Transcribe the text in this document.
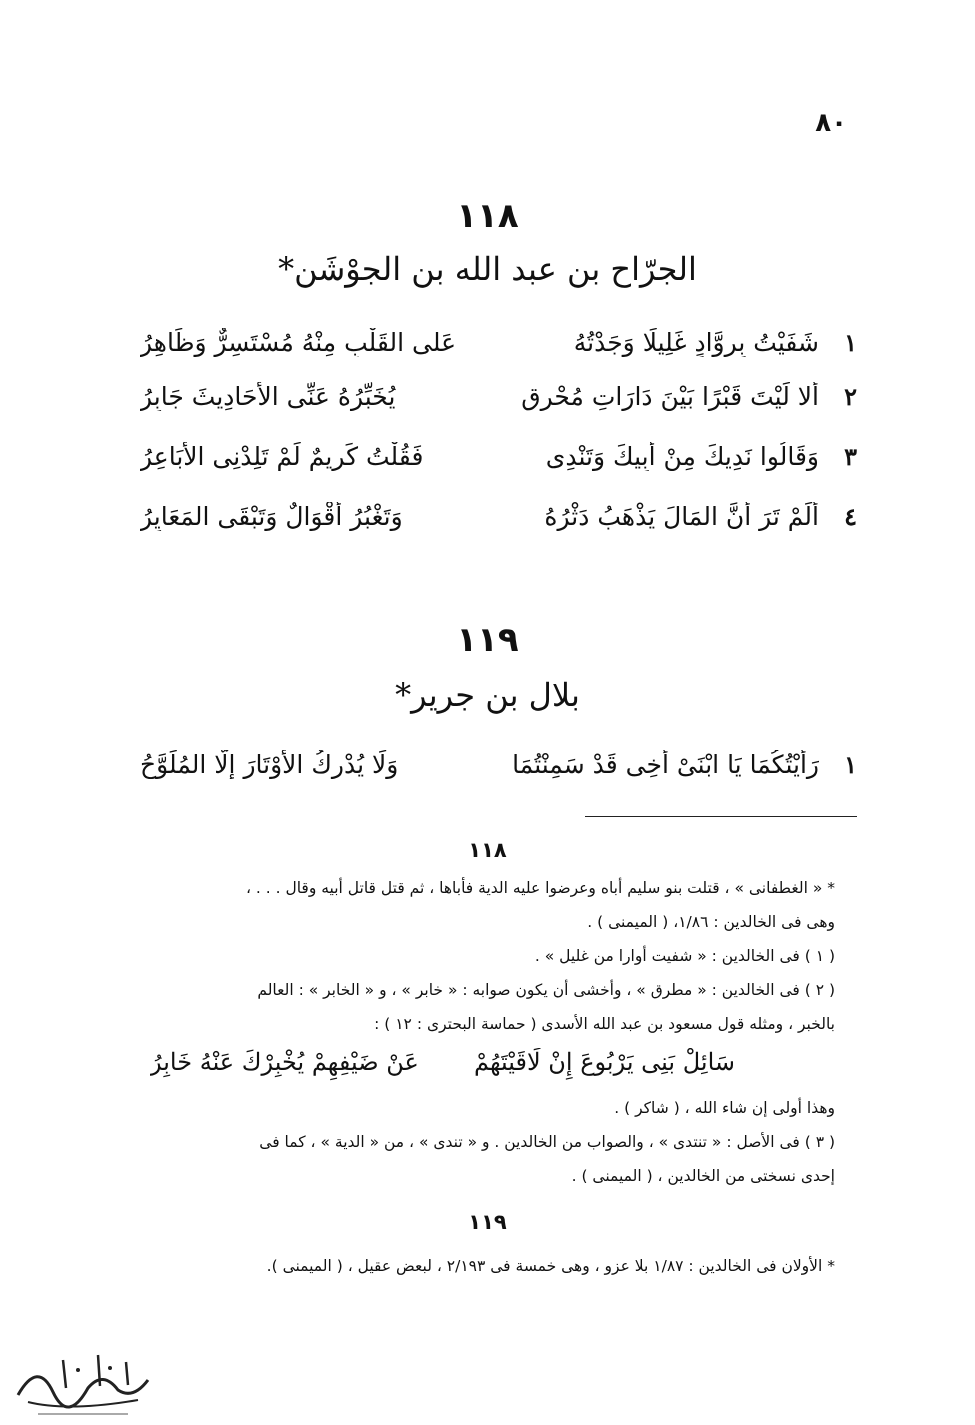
٨٠
١١٨
الجرّاح بن عبد الله بن الجوْشَن*
١
شَفَيْتُ بِرِوَّادٍ غَلِيلًا وَجَدْتُهُ
عَلى القَلْبِ مِنْهُ مُسْتَسِرٌّ وَظَاهِرُ
٢
ألا لَيْتَ قَبْرًا بَيْنَ دَارَاتِ مُحْرِقٍ
يُخَبِّرُهُ عَنِّى الأحَادِيثَ جَابِرُ
٣
وَقَالُوا نَدِيكَ مِنْ أَبِيكَ وَتَنْدِى
فَقُلْتُ كَرِيمٌ لَمْ تَلِدْنِى الأَبَاعِرُ
٤
أَلَمْ تَرَ أَنَّ المَالَ يَذْهَبُ دَثْرُهُ
وَتَغْبُرُ أَقْوَالٌ وَتَبْقَى المَعَايِرُ
١١٩
بلال بن جرير*
١
رَأَيْتُكُمَا يَا ابْنَىْ أَخِى قَدْ سَمِنْتُمَا
وَلَا يُدْرِكُ الأَوْتَارَ إِلَّا المُلَوَّحُ
١١٨
* « الغطفانى » ، قتلت بنو سليم أباه وعرضوا عليه الدية فأباها ، ثم قتل قاتل أبيه وقال . . . ،
وهى فى الخالدين : ١/٨٦، ( الميمنى ) .
( ١ ) فى الخالدين : « شفيت أوارا من غليل » .
( ٢ ) فى الخالدين : « مطرق » ، وأخشى أن يكون صوابه : « خابر » ، و « الخابر » : العالم
بالخبر ، ومثله قول مسعود بن عبد الله الأسدى ( حماسة البحترى : ١٢ ) :
سَائِلْ بَنِى يَرْبُوعَ إِنْ لَاقَيْتَهُمْ
عَنْ ضَيْفِهِمْ يُخْبِرْكَ عَنْهُ خَابِرُ
وهذا أولى إن شاء الله ، ( شاكر ) .
( ٣ ) فى الأصل : « تنتدى » ، والصواب من الخالدين . و « تندى » ، من « الدية » ، كما فى
إحدى نسختى من الخالدين ، ( الميمنى ) .
١١٩
* الأولان فى الخالدين : ١/٨٧ بلا عزو ، وهى خمسة فى ٢/١٩٣ ، لبعض عقيل ، ( الميمنى ).
